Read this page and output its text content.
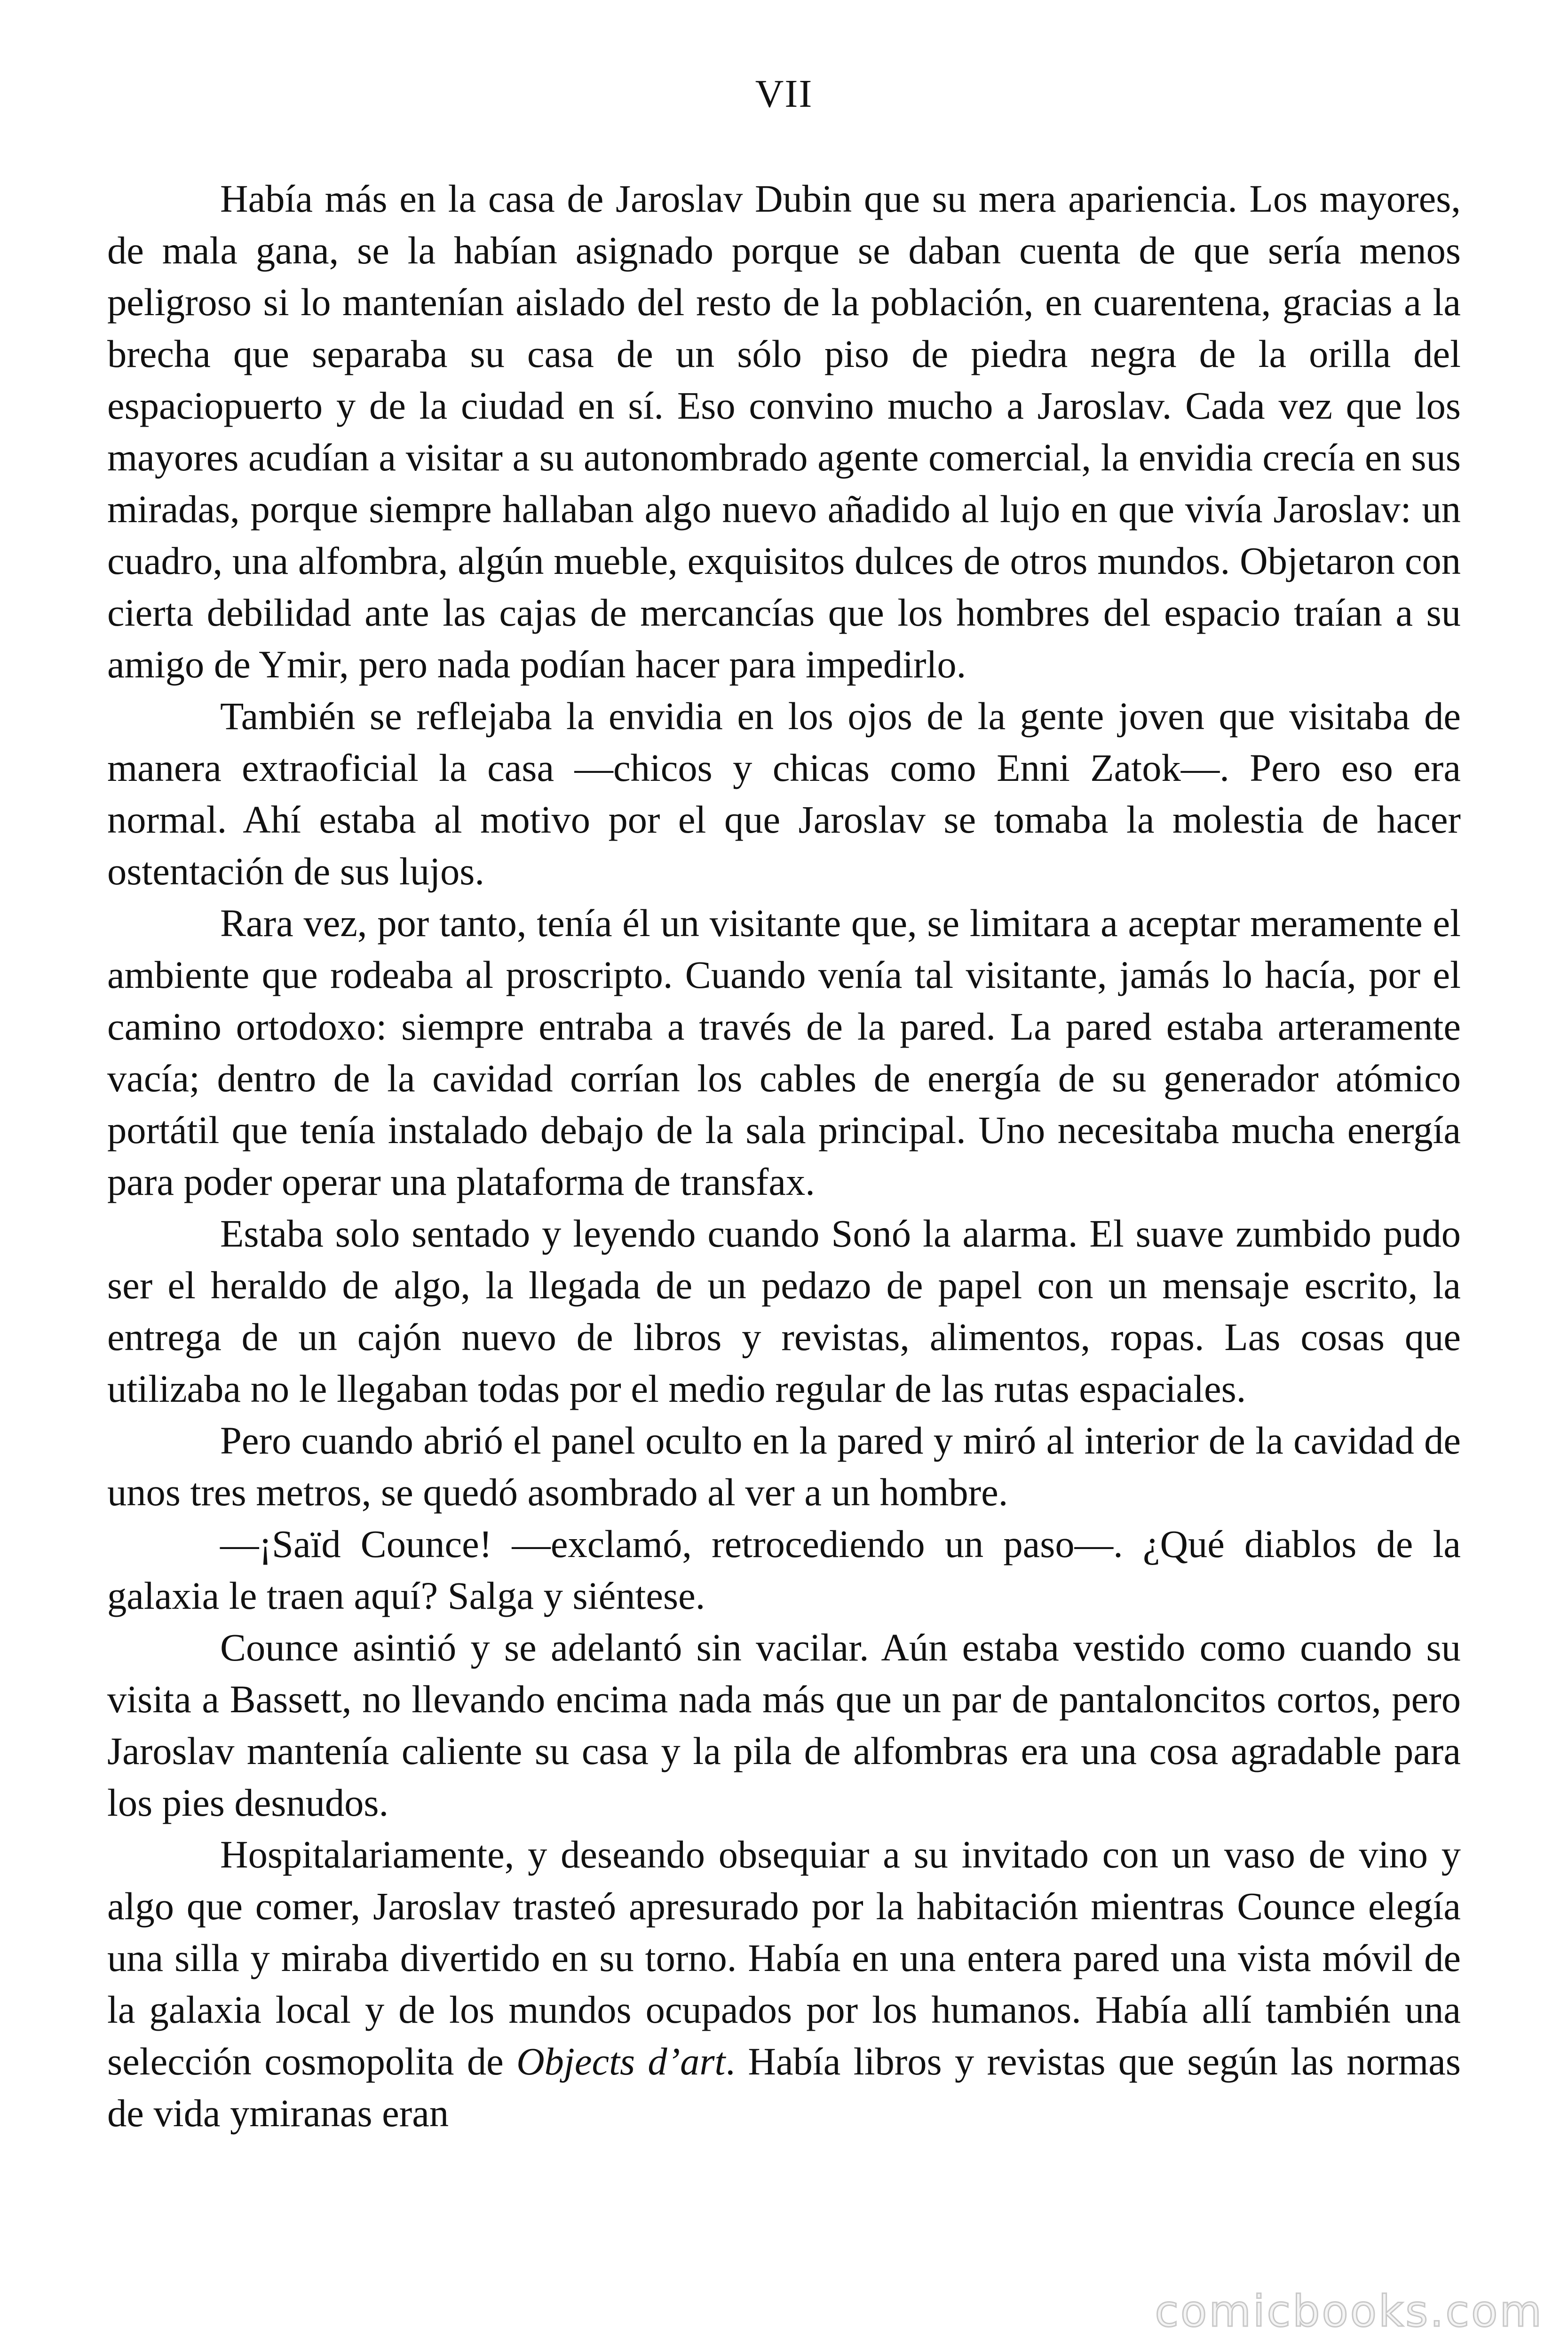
VII

Había más en la casa de Jaroslav Dubin que su mera apariencia. Los mayores, de mala gana, se la habían asignado porque se daban cuenta de que sería menos peligroso si lo mantenían aislado del resto de la población, en cuarentena, gracias a la brecha que separaba su casa de un sólo piso de piedra negra de la orilla del espaciopuerto y de la ciudad en sí. Eso convino mucho a Jaroslav. Cada vez que los mayores acudían a visitar a su autonombrado agente comercial, la envidia crecía en sus miradas, porque siempre hallaban algo nuevo añadido al lujo en que vivía Jaroslav: un cuadro, una alfombra, algún mueble, exquisitos dulces de otros mundos. Objetaron con cierta debilidad ante las cajas de mercancías que los hombres del espacio traían a su amigo de Ymir, pero nada podían hacer para impedirlo.

También se reflejaba la envidia en los ojos de la gente joven que visitaba de manera extraoficial la casa —chicos y chicas como Enni Zatok—. Pero eso era normal. Ahí estaba al motivo por el que Jaroslav se tomaba la molestia de hacer ostentación de sus lujos.

Rara vez, por tanto, tenía él un visitante que, se limitara a aceptar meramente el ambiente que rodeaba al proscripto. Cuando venía tal visitante, jamás lo hacía, por el camino ortodoxo: siempre entraba a través de la pared. La pared estaba arteramente vacía; dentro de la cavidad corrían los cables de energía de su generador atómico portátil que tenía instalado debajo de la sala principal. Uno necesitaba mucha energía para poder operar una plataforma de transfax.

Estaba solo sentado y leyendo cuando Sonó la alarma. El suave zumbido pudo ser el heraldo de algo, la llegada de un pedazo de papel con un mensaje escrito, la entrega de un cajón nuevo de libros y revistas, alimentos, ropas. Las cosas que utilizaba no le llegaban todas por el medio regular de las rutas espaciales.

Pero cuando abrió el panel oculto en la pared y miró al interior de la cavidad de unos tres metros, se quedó asombrado al ver a un hombre.

—¡Saïd Counce! —exclamó, retrocediendo un paso—. ¿Qué diablos de la galaxia le traen aquí? Salga y siéntese.

Counce asintió y se adelantó sin vacilar. Aún estaba vestido como cuando su visita a Bassett, no llevando encima nada más que un par de pantaloncitos cortos, pero Jaroslav mantenía caliente su casa y la pila de alfombras era una cosa agradable para los pies desnudos.

Hospitalariamente, y deseando obsequiar a su invitado con un vaso de vino y algo que comer, Jaroslav trasteó apresurado por la habitación mientras Counce elegía una silla y miraba divertido en su torno. Había en una entera pared una vista móvil de la galaxia local y de los mundos ocupados por los humanos. Había allí también una selección cosmopolita de Objects d’art. Había libros y revistas que según las normas de vida ymiranas eran

comicbooks.com
